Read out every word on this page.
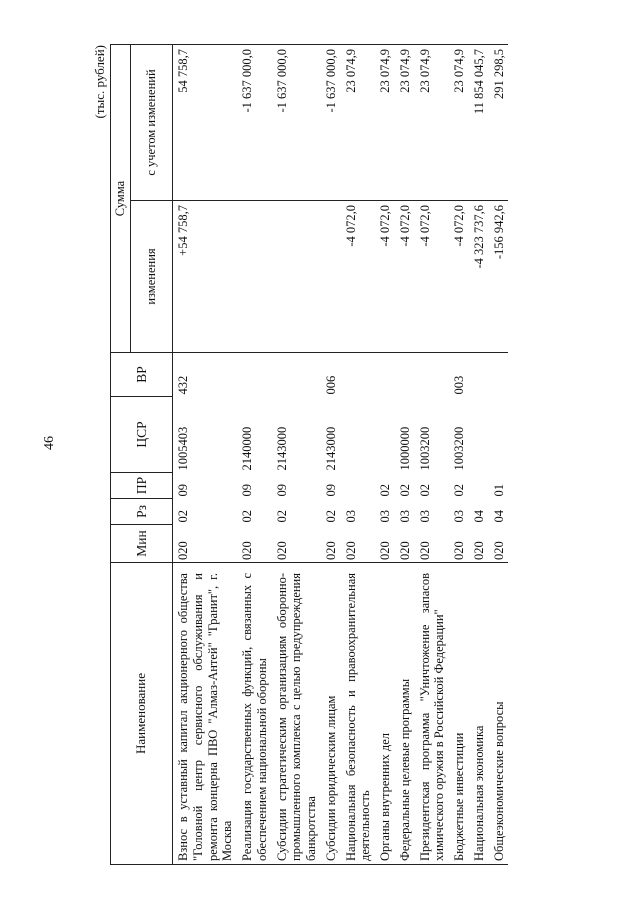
46
(тыс. рублей)
Наименование	Мин	Рз	ПР	ЦСР	ВР	Сумма	
						изменения	с учетом изменений
Взнос в уставный капитал акционерного общества "Головной центр сервисного обслуживания и ремонта концерна ПВО "Алмаз-Антей" "Гранит", г. Москва	020	02	09	1005403	432	+54 758,7	54 758,7
Реализация государственных функций, связанных с обеспечением национальной обороны	020	02	09	2140000			-1 637 000,0
Субсидии стратегическим организациям оборонно-промышленного комплекса с целью предупреждения банкротства	020	02	09	2143000			-1 637 000,0
Субсидии юридическим лицам	020	02	09	2143000	006		-1 637 000,0
Национальная безопасность и правоохранительная деятельность	020	03				-4 072,0	23 074,9
Органы внутренних дел	020	03	02			-4 072,0	23 074,9
Федеральные целевые программы	020	03	02	1000000		-4 072,0	23 074,9
Президентская программа "Уничтожение запасов химического оружия в Российской Федерации"	020	03	02	1003200		-4 072,0	23 074,9
Бюджетные инвестиции	020	03	02	1003200	003	-4 072,0	23 074,9
Национальная экономика	020	04				-4 323 737,6	11 854 045,7
Общеэкономические вопросы	020	04	01			-156 942,6	291 298,5
